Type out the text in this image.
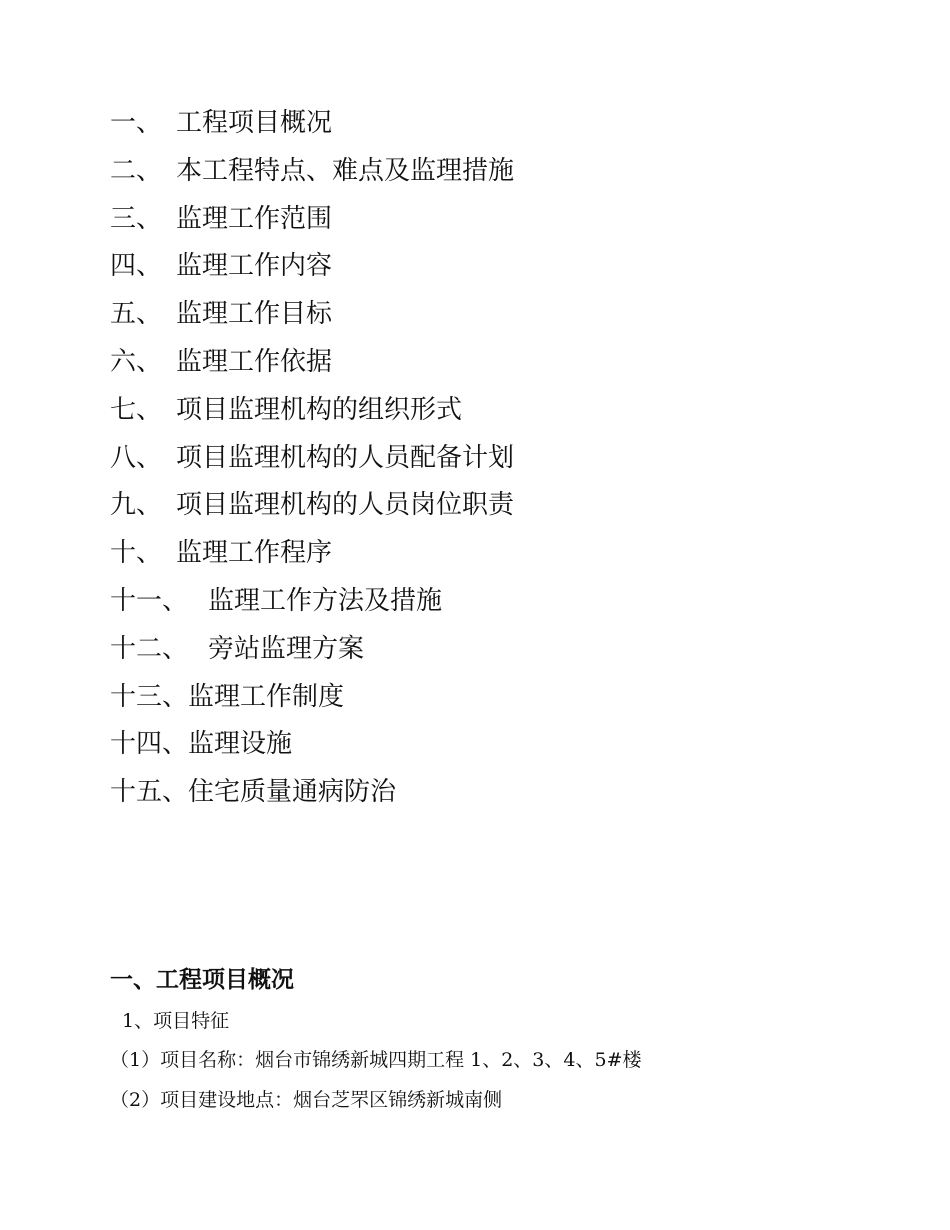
一、 工程项目概况
二、 本工程特点、难点及监理措施
三、 监理工作范围
四、 监理工作内容
五、 监理工作目标
六、 监理工作依据
七、 项目监理机构的组织形式
八、 项目监理机构的人员配备计划
九、 项目监理机构的人员岗位职责
十、 监理工作程序
十一、 监理工作方法及措施
十二、 旁站监理方案
十三、监理工作制度
十四、监理设施
十五、住宅质量通病防治
一、工程项目概况
1、项目特征
（1）项目名称：烟台市锦绣新城四期工程 1、2、3、4、5#楼
（2）项目建设地点：烟台芝罘区锦绣新城南侧
